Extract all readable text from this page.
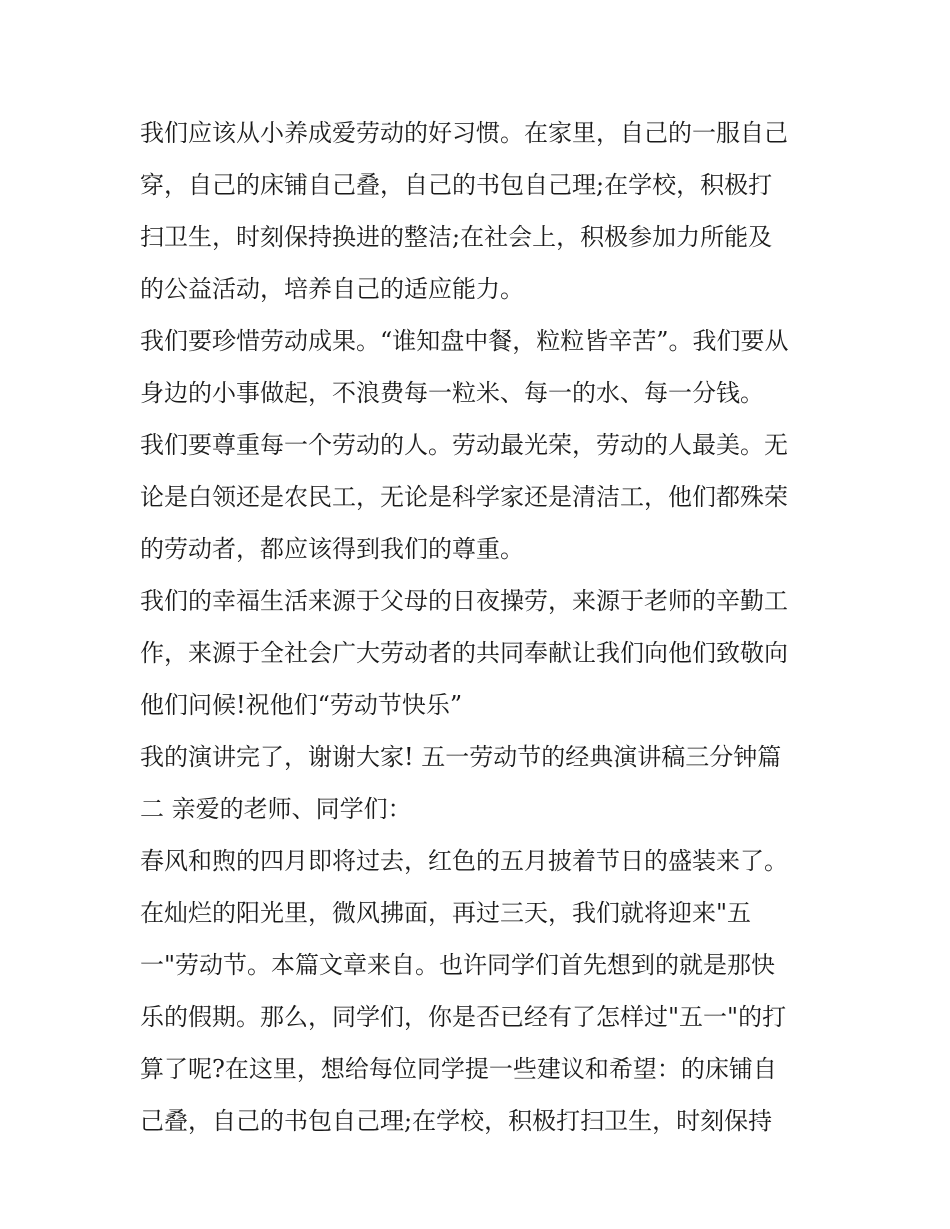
我们应该从小养成爱劳动的好习惯。在家里，自己的一服自己
穿，自己的床铺自己叠，自己的书包自己理;在学校，积极打
扫卫生，时刻保持换进的整洁;在社会上，积极参加力所能及
的公益活动，培养自己的适应能力。
我们要珍惜劳动成果。“谁知盘中餐，粒粒皆辛苦”。我们要从
身边的小事做起，不浪费每一粒米、每一的水、每一分钱。
我们要尊重每一个劳动的人。劳动最光荣，劳动的人最美。无
论是白领还是农民工，无论是科学家还是清洁工，他们都殊荣
的劳动者，都应该得到我们的尊重。
我们的幸福生活来源于父母的日夜操劳，来源于老师的辛勤工
作，来源于全社会广大劳动者的共同奉献让我们向他们致敬向
他们问候!祝他们“劳动节快乐”
我的演讲完了，谢谢大家! 五一劳动节的经典演讲稿三分钟篇
二 亲爱的老师、同学们：
春风和煦的四月即将过去，红色的五月披着节日的盛装来了。
在灿烂的阳光里，微风拂面，再过三天，我们就将迎来"五
一"劳动节。本篇文章来自。也许同学们首先想到的就是那快
乐的假期。那么，同学们，你是否已经有了怎样过"五一"的打
算了呢?在这里，想给每位同学提一些建议和希望：的床铺自
己叠，自己的书包自己理;在学校，积极打扫卫生，时刻保持
